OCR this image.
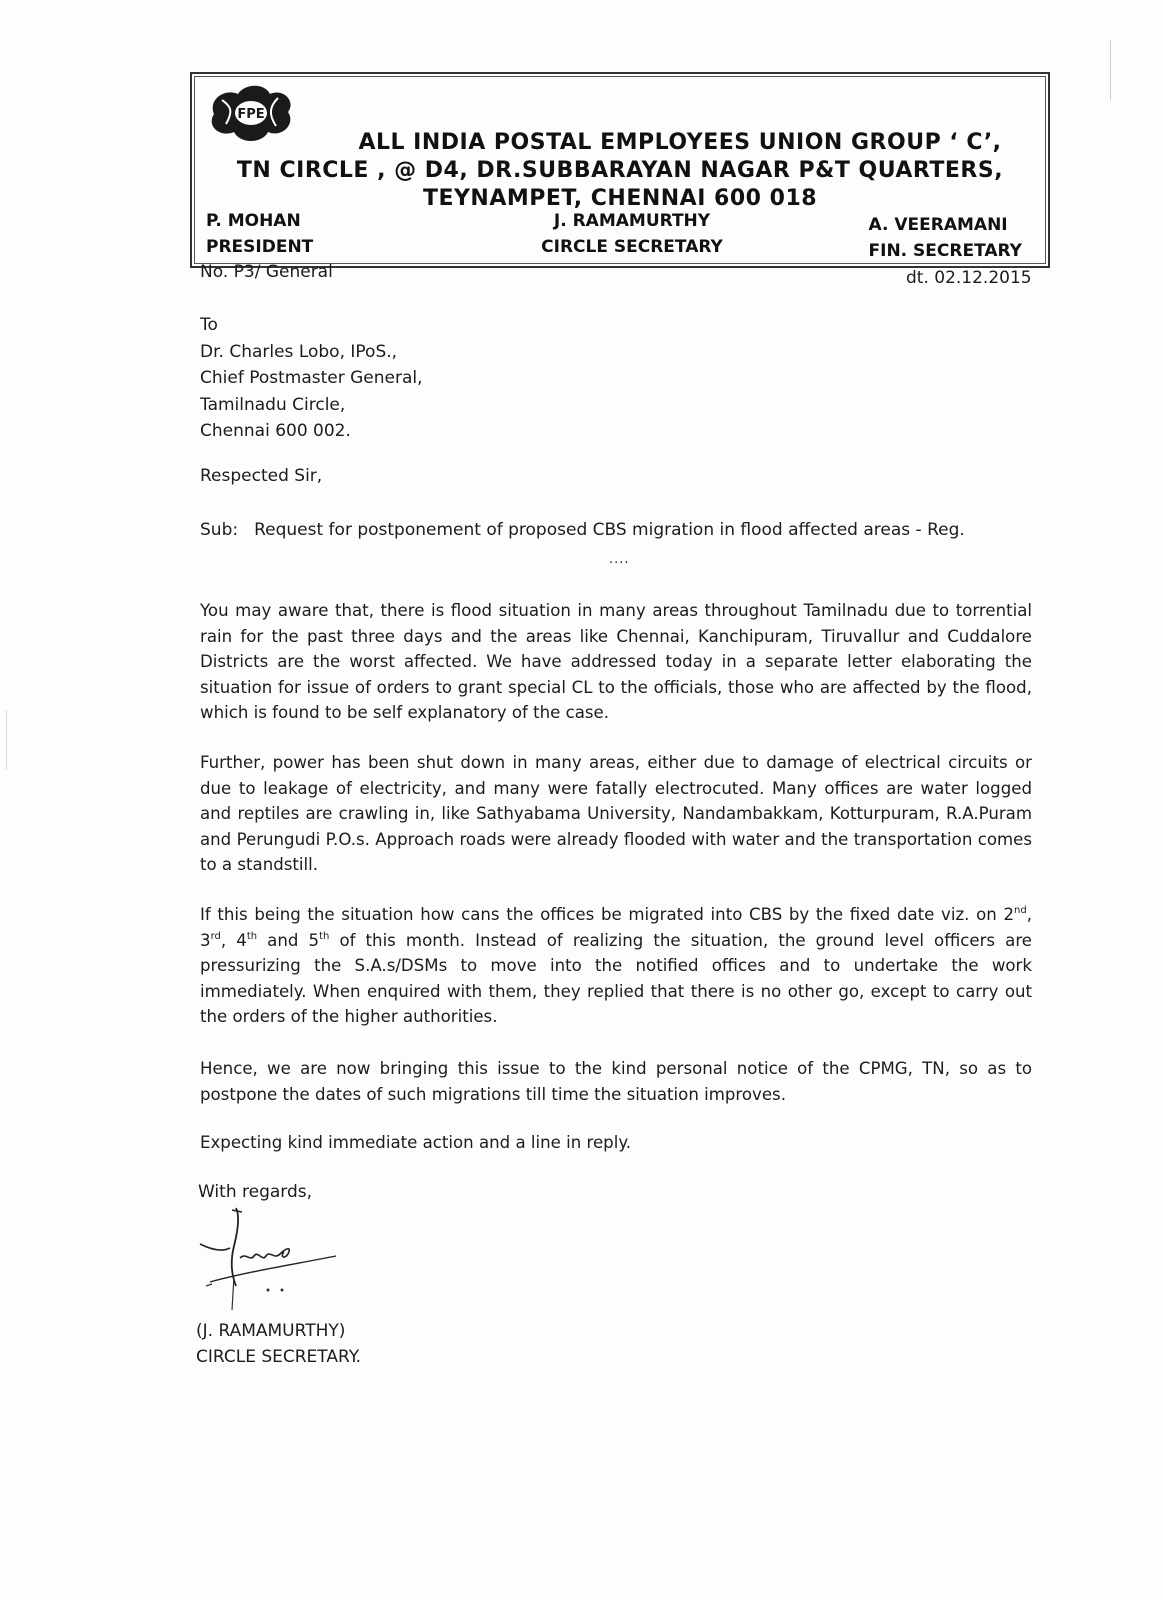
FPE
ALL INDIA POSTAL EMPLOYEES UNION GROUP ‘ C’,
TN CIRCLE , @ D4, DR.SUBBARAYAN NAGAR P&T QUARTERS,
TEYNAMPET, CHENNAI 600 018
P. MOHAN
PRESIDENT
J. RAMAMURTHY
CIRCLE SECRETARY
A. VEERAMANI
FIN. SECRETARY
No. P3/ General	dt. 02.12.2015
To
Dr. Charles Lobo, IPoS.,
Chief Postmaster General,
Tamilnadu Circle,
Chennai 600 002.
Respected Sir,
Sub: Request for postponement of proposed CBS migration in flood affected areas - Reg.
....

You may aware that, there is flood situation in many areas throughout Tamilnadu due to torrential rain for the past three days and the areas like Chennai, Kanchipuram, Tiruvallur and Cuddalore Districts are the worst affected. We have addressed today in a separate letter elaborating the situation for issue of orders to grant special CL to the officials, those who are affected by the flood, which is found to be self explanatory of the case.

Further, power has been shut down in many areas, either due to damage of electrical circuits or due to leakage of electricity, and many were fatally electrocuted. Many offices are water logged and reptiles are crawling in, like Sathyabama University, Nandambakkam, Kotturpuram, R.A.Puram and Perungudi P.O.s. Approach roads were already flooded with water and the transportation comes to a standstill.

If this being the situation how cans the offices be migrated into CBS by the fixed date viz. on 2nd, 3rd, 4th and 5th of this month. Instead of realizing the situation, the ground level officers are pressurizing the S.A.s/DSMs to move into the notified offices and to undertake the work immediately. When enquired with them, they replied that there is no other go, except to carry out the orders of the higher authorities.

Hence, we are now bringing this issue to the kind personal notice of the CPMG, TN, so as to postpone the dates of such migrations till time the situation improves.

Expecting kind immediate action and a line in reply.

With regards,
(J. RAMAMURTHY)
CIRCLE SECRETARY.
